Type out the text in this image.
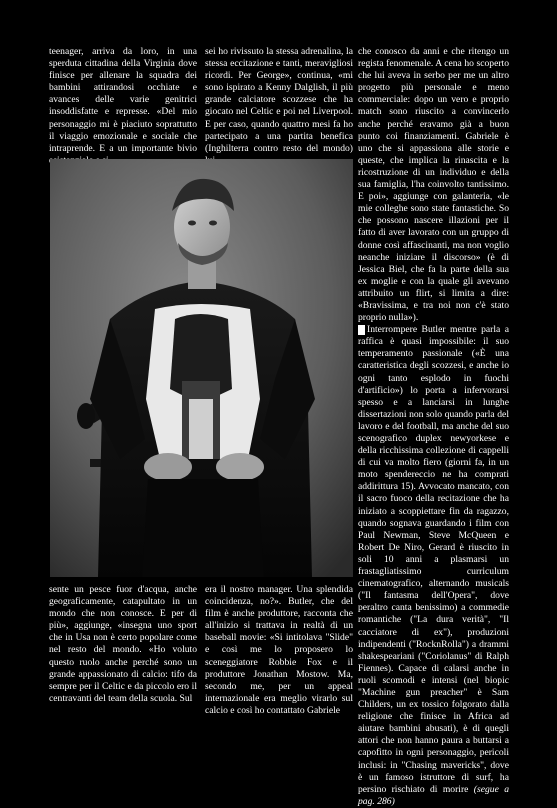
teenager, arriva da loro, in una sperduta cittadina della Virginia dove finisce per allenare la squadra dei bambini attirandosi occhiate e avances delle varie genitrici insoddisfatte e represse. «Del mio personaggio mi è piaciuto soprattutto il viaggio emozionale e sociale che intraprende. E a un importante bivio

sei ho rivissuto la stessa adrenalina, la stessa eccitazione e tanti, meravigliosi ricordi. Per George», continua, «mi sono ispirato a Kenny Dalglish, il più grande calciatore scozzese che ha giocato nel Celtic e poi nel Liverpool. E per caso, quando quattro mesi fa ho partecipato a una partita benefica (Inghilterra contro resto del mondo)

che conosco da anni e che ritengo un regista fenomenale. A cena ho scoperto che lui aveva in serbo per me un altro progetto più personale e meno commerciale: dopo un vero e proprio match sono riuscito a convincerlo anche perché eravamo già a buon punto coi finanziamenti. Gabriele è uno che si appassiona alle storie e queste, che implica la rinascita e la ricostruzione di un individuo e della sua famiglia, l'ha coinvolto tantissimo. E poi», aggiunge con galanteria, «le mie colleghe sono state fantastiche. So che possono nascere illazioni per il fatto di aver lavorato con un gruppo di donne così affascinanti, ma non voglio neanche iniziare il discorso» (è di Jessica Biel, che fa la parte della sua ex moglie e con la quale gli avevano attribuito un flirt, si limita a dire: «Bravissima, e tra noi non c'è stato proprio nulla»).

Interrompere Butler mentre parla a raffica è quasi impossibile: il suo temperamento passionale («È una caratteristica degli scozzesi, e anche io ogni tanto esplodo in fuochi d'artificio») lo porta a infervorarsi spesso e a lanciarsi in lunghe dissertazioni non solo quando parla del lavoro e del football, ma anche del suo scenografico duplex newyorkese e della ricchissima collezione di cappelli di cui va molto fiero (giorni fa, in un moto spendereccio ne ha comprati addirittura 15). Avvocato mancato, con il sacro fuoco della recitazione che ha iniziato a scoppiettare fin da ragazzo, quando sognava guardando i film con Paul Newman, Steve McQueen e Robert De Niro, Gerard è riuscito in soli 10 anni a plasmarsi un frastagliatissimo curriculum cinematografico, alternando musicals ("Il fantasma dell'Opera", dove peraltro canta benissimo) a commedie romantiche ("La dura verità", "Il cacciatore di ex"), produzioni indipendenti ("RocknRolla") a drammi shakespeariani ("Coriolanus" di Ralph Fiennes). Capace di calarsi anche in ruoli scomodi e intensi (nel biopic "Machine gun preacher" è Sam Childers, un ex tossico folgorato dalla religione che finisce in Africa ad aiutare bambini abusati), è di quegli attori che non hanno paura a buttarsi a capofitto in ogni personaggio, pericoli inclusi: in "Chasing mavericks", dove è un famoso istruttore di surf, ha persino rischiato di morire (segue a pag. 286)

sente un pesce fuor d'acqua, anche geograficamente, catapultato in un mondo che non conosce. E per di più», aggiunge, «insegna uno sport che in Usa non è certo popolare come nel resto del mondo. «Ho voluto questo ruolo anche perché sono un grande appassionato di calcio: tifo da sempre per il Celtic e da piccolo ero il centravanti del team della scuola. Sul

era il nostro manager. Una splendida coincidenza, no?». Butler, che del film è anche produttore, racconta che all'inizio si trattava in realtà di un baseball movie: «Si intitolava "Slide" e così me lo proposero lo sceneggiatore Robbie Fox e il produttore Jonathan Mostow. Ma, secondo me, per un appeal internazionale era meglio virarlo sul calcio e così ho contattato Gabriele
